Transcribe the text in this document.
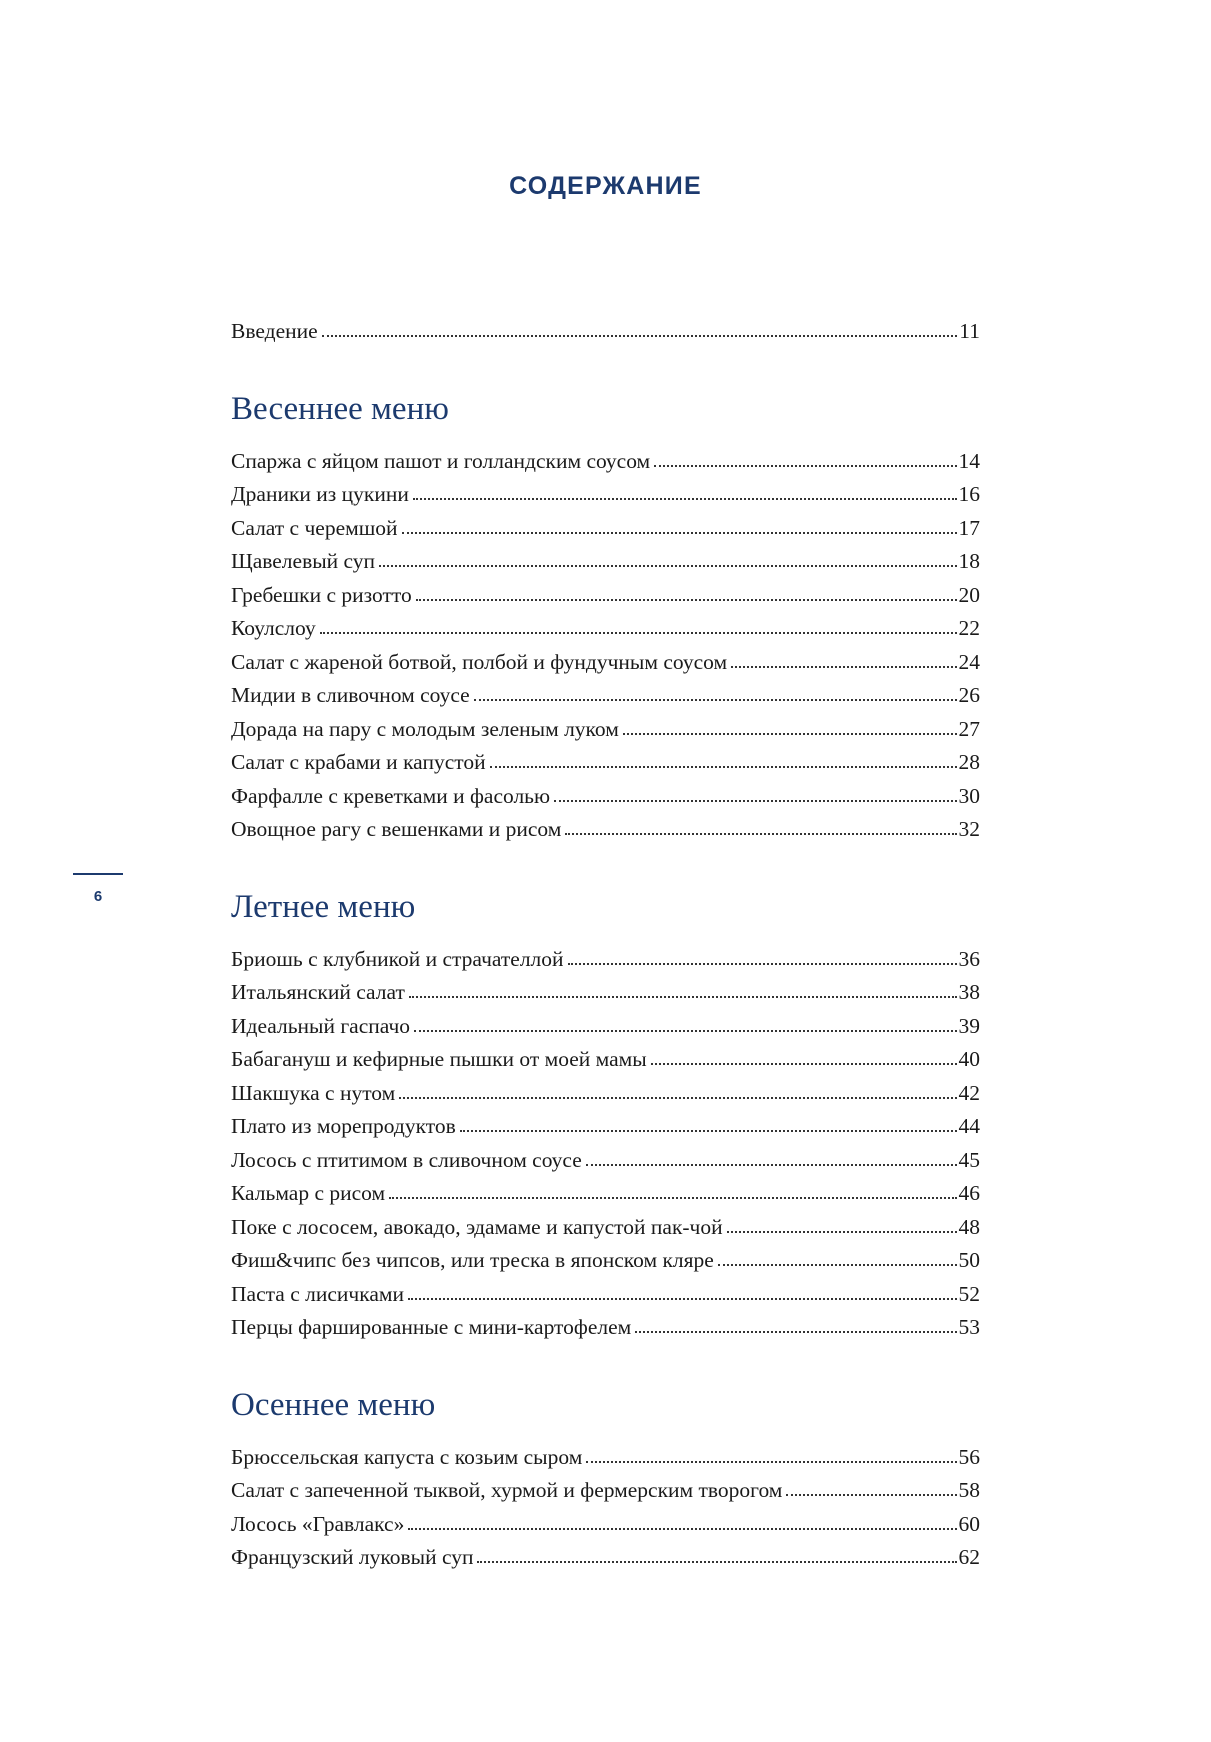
СОДЕРЖАНИЕ
6
Введение	11
Весеннее меню
Спаржа с яйцом пашот и голландским соусом	14
Драники из цукини	16
Салат с черемшой	17
Щавелевый суп	18
Гребешки с ризотто	20
Коулслоу	22
Салат с жареной ботвой, полбой и фундучным соусом	24
Мидии в сливочном соусе	26
Дорада на пару с молодым зеленым луком	27
Салат с крабами и капустой	28
Фарфалле с креветками и фасолью	30
Овощное рагу с вешенками и рисом	32
Летнее меню
Бриошь с клубникой и страчателлой	36
Итальянский салат	38
Идеальный гаспачо	39
Бабагануш и кефирные пышки от моей мамы	40
Шакшука с нутом	42
Плато из морепродуктов	44
Лосось с птитимом в сливочном соусе	45
Кальмар с рисом	46
Поке с лососем, авокадо, эдамаме и капустой пак-чой	48
Фиш&чипс без чипсов, или треска в японском кляре	50
Паста с лисичками	52
Перцы фаршированные с мини-картофелем	53
Осеннее меню
Брюссельская капуста с козьим сыром	56
Салат с запеченной тыквой, хурмой и фермерским творогом	58
Лосось «Гравлакс»	60
Французский луковый суп	62
